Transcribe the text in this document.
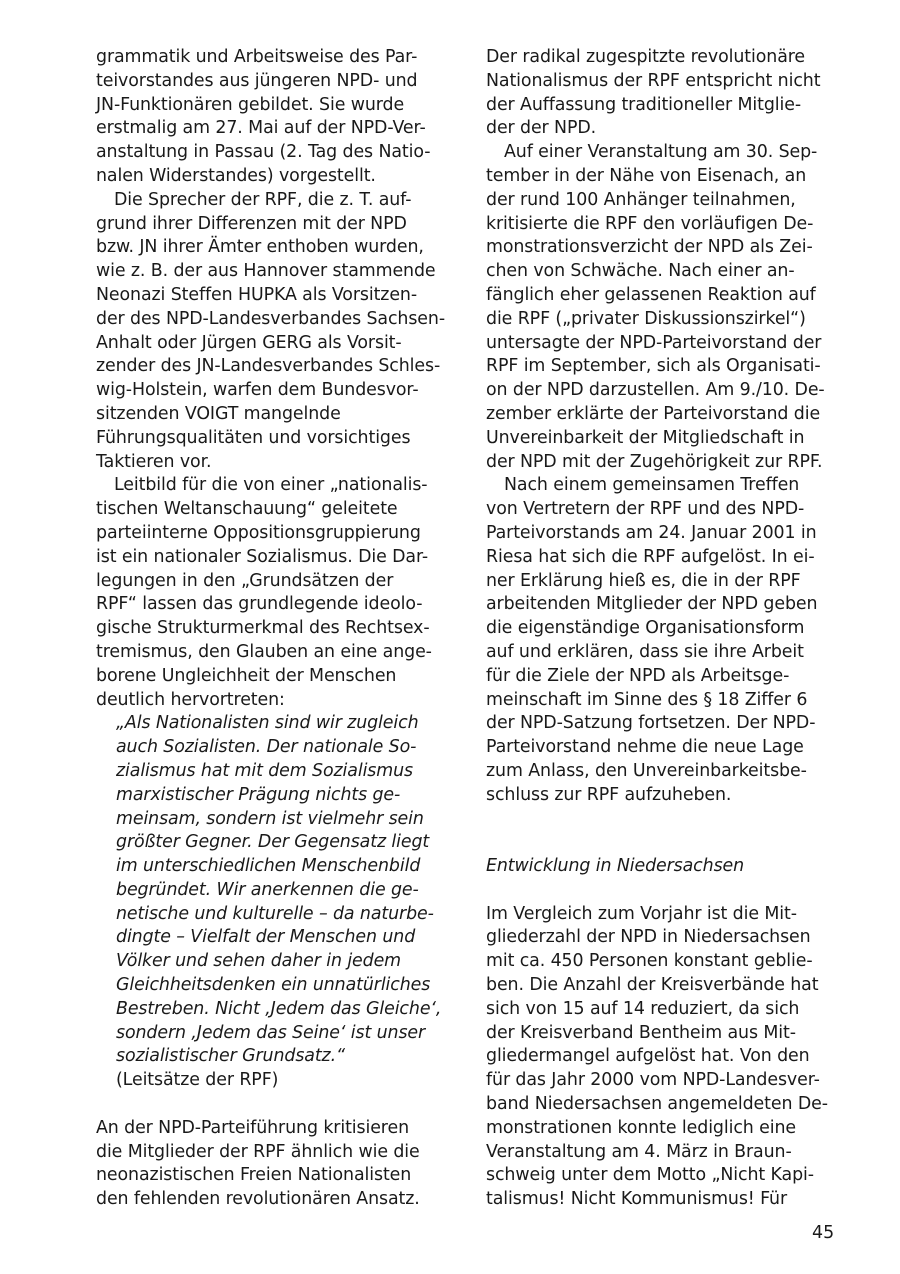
grammatik und Arbeitsweise des Par-
teivorstandes aus jüngeren NPD- und
JN-Funktionären gebildet. Sie wurde
erstmalig am 27. Mai auf der NPD-Ver-
anstaltung in Passau (2. Tag des Natio-
nalen Widerstandes) vorgestellt.
Die Sprecher der RPF, die z. T. auf-
grund ihrer Differenzen mit der NPD
bzw. JN ihrer Ämter enthoben wurden,
wie z. B. der aus Hannover stammende
Neonazi Steffen HUPKA als Vorsitzen-
der des NPD-Landesverbandes Sachsen-
Anhalt oder Jürgen GERG als Vorsit-
zender des JN-Landesverbandes Schles-
wig-Holstein, warfen dem Bundesvor-
sitzenden VOIGT mangelnde
Führungsqualitäten und vorsichtiges
Taktieren vor.
Leitbild für die von einer „nationalis-
tischen Weltanschauung“ geleitete
parteiinterne Oppositionsgruppierung
ist ein nationaler Sozialismus. Die Dar-
legungen in den „Grundsätzen der
RPF“ lassen das grundlegende ideolo-
gische Strukturmerkmal des Rechtsex-
tremismus, den Glauben an eine ange-
borene Ungleichheit der Menschen
deutlich hervortreten:
„Als Nationalisten sind wir zugleich
auch Sozialisten. Der nationale So-
zialismus hat mit dem Sozialismus
marxistischer Prägung nichts ge-
meinsam, sondern ist vielmehr sein
größter Gegner. Der Gegensatz liegt
im unterschiedlichen Menschenbild
begründet. Wir anerkennen die ge-
netische und kulturelle – da naturbe-
dingte – Vielfalt der Menschen und
Völker und sehen daher in jedem
Gleichheitsdenken ein unnatürliches
Bestreben. Nicht ‚Jedem das Gleiche‘,
sondern ‚Jedem das Seine‘ ist unser
sozialistischer Grundsatz.“
(Leitsätze der RPF)
An der NPD-Parteiführung kritisieren
die Mitglieder der RPF ähnlich wie die
neonazistischen Freien Nationalisten
den fehlenden revolutionären Ansatz.
Der radikal zugespitzte revolutionäre
Nationalismus der RPF entspricht nicht
der Auffassung traditioneller Mitglie-
der der NPD.
Auf einer Veranstaltung am 30. Sep-
tember in der Nähe von Eisenach, an
der rund 100 Anhänger teilnahmen,
kritisierte die RPF den vorläufigen De-
monstrationsverzicht der NPD als Zei-
chen von Schwäche. Nach einer an-
fänglich eher gelassenen Reaktion auf
die RPF („privater Diskussionszirkel“)
untersagte der NPD-Parteivorstand der
RPF im September, sich als Organisati-
on der NPD darzustellen. Am 9./10. De-
zember erklärte der Parteivorstand die
Unvereinbarkeit der Mitgliedschaft in
der NPD mit der Zugehörigkeit zur RPF.
Nach einem gemeinsamen Treffen
von Vertretern der RPF und des NPD-
Parteivorstands am 24. Januar 2001 in
Riesa hat sich die RPF aufgelöst. In ei-
ner Erklärung hieß es, die in der RPF
arbeitenden Mitglieder der NPD geben
die eigenständige Organisationsform
auf und erklären, dass sie ihre Arbeit
für die Ziele der NPD als Arbeitsge-
meinschaft im Sinne des § 18 Ziffer 6
der NPD-Satzung fortsetzen. Der NPD-
Parteivorstand nehme die neue Lage
zum Anlass, den Unvereinbarkeitsbe-
schluss zur RPF aufzuheben.
Entwicklung in Niedersachsen
Im Vergleich zum Vorjahr ist die Mit-
gliederzahl der NPD in Niedersachsen
mit ca. 450 Personen konstant geblie-
ben. Die Anzahl der Kreisverbände hat
sich von 15 auf 14 reduziert, da sich
der Kreisverband Bentheim aus Mit-
gliedermangel aufgelöst hat. Von den
für das Jahr 2000 vom NPD-Landesver-
band Niedersachsen angemeldeten De-
monstrationen konnte lediglich eine
Veranstaltung am 4. März in Braun-
schweig unter dem Motto „Nicht Kapi-
talismus! Nicht Kommunismus! Für
45
